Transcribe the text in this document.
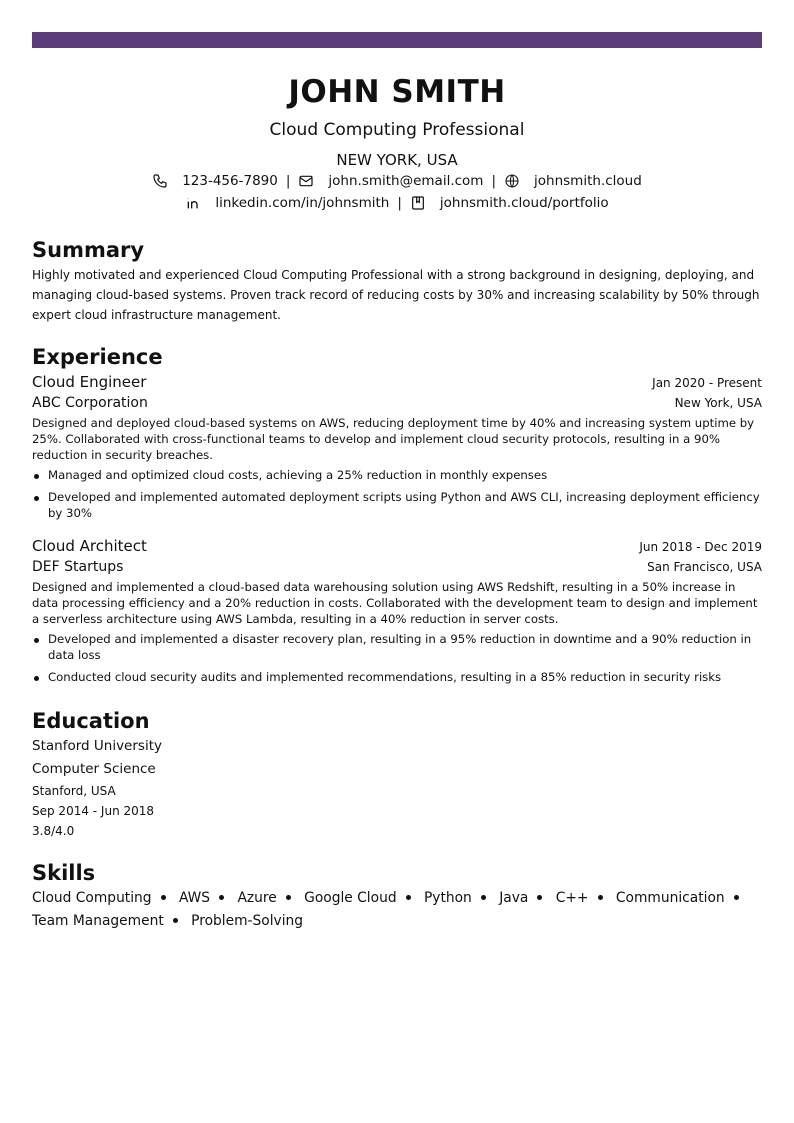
JOHN SMITH
Cloud Computing Professional
NEW YORK, USA
123-456-7890 |	john.smith@email.com |	johnsmith.cloud
linkedin.com/in/johnsmith |	johnsmith.cloud/portfolio
Summary
Highly motivated and experienced Cloud Computing Professional with a strong background in designing, deploying, and managing cloud-based systems. Proven track record of reducing costs by 30% and increasing scalability by 50% through expert cloud infrastructure management.
Experience
Cloud Engineer	Jan 2020 - Present
ABC Corporation	New York, USA
Designed and deployed cloud-based systems on AWS, reducing deployment time by 40% and increasing system uptime by 25%. Collaborated with cross-functional teams to develop and implement cloud security protocols, resulting in a 90% reduction in security breaches.
Managed and optimized cloud costs, achieving a 25% reduction in monthly expenses
Developed and implemented automated deployment scripts using Python and AWS CLI, increasing deployment efficiency by 30%
Cloud Architect	Jun 2018 - Dec 2019
DEF Startups	San Francisco, USA
Designed and implemented a cloud-based data warehousing solution using AWS Redshift, resulting in a 50% increase in data processing efficiency and a 20% reduction in costs. Collaborated with the development team to design and implement a serverless architecture using AWS Lambda, resulting in a 40% reduction in server costs.
Developed and implemented a disaster recovery plan, resulting in a 95% reduction in downtime and a 90% reduction in data loss
Conducted cloud security audits and implemented recommendations, resulting in a 85% reduction in security risks
Education
Stanford University
Computer Science
Stanford, USA
Sep 2014 - Jun 2018
3.8/4.0
Skills
Cloud Computing AWS Azure Google Cloud Python Java C++ Communication
Team Management Problem-Solving
